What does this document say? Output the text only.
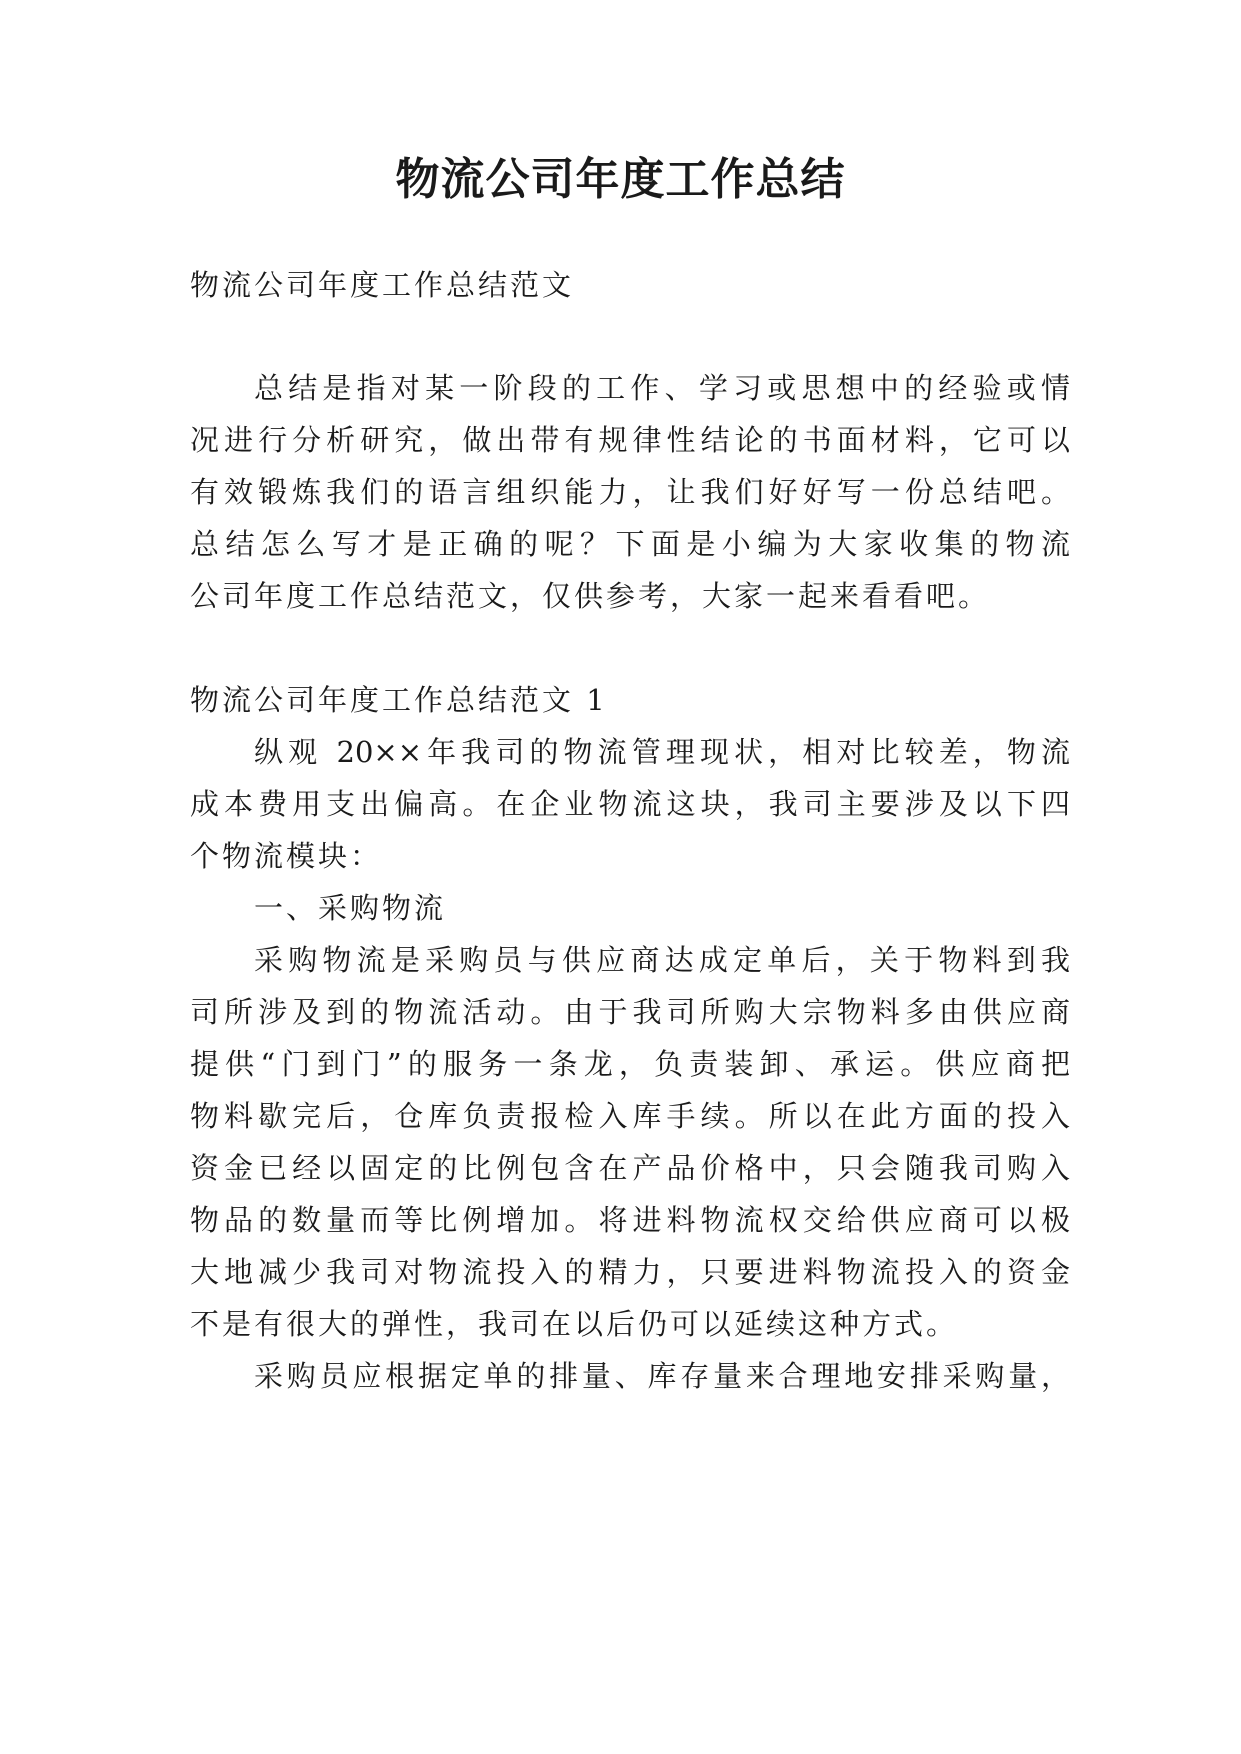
物流公司年度工作总结

物流公司年度工作总结范文

总结是指对某一阶段的工作、学习或思想中的经验或情

况进行分析研究，做出带有规律性结论的书面材料，它可以

有效锻炼我们的语言组织能力，让我们好好写一份总结吧。

总结怎么写才是正确的呢？下面是小编为大家收集的物流

公司年度工作总结范文，仅供参考，大家一起来看看吧。

物流公司年度工作总结范文 1

纵观 20××年我司的物流管理现状，相对比较差，物流

成本费用支出偏高。在企业物流这块，我司主要涉及以下四

个物流模块：

一、采购物流

采购物流是采购员与供应商达成定单后，关于物料到我

司所涉及到的物流活动。由于我司所购大宗物料多由供应商

提供“门到门”的服务一条龙，负责装卸、承运。供应商把

物料歇完后，仓库负责报检入库手续。所以在此方面的投入

资金已经以固定的比例包含在产品价格中，只会随我司购入

物品的数量而等比例增加。将进料物流权交给供应商可以极

大地减少我司对物流投入的精力，只要进料物流投入的资金

不是有很大的弹性，我司在以后仍可以延续这种方式。

采购员应根据定单的排量、库存量来合理地安排采购量，
